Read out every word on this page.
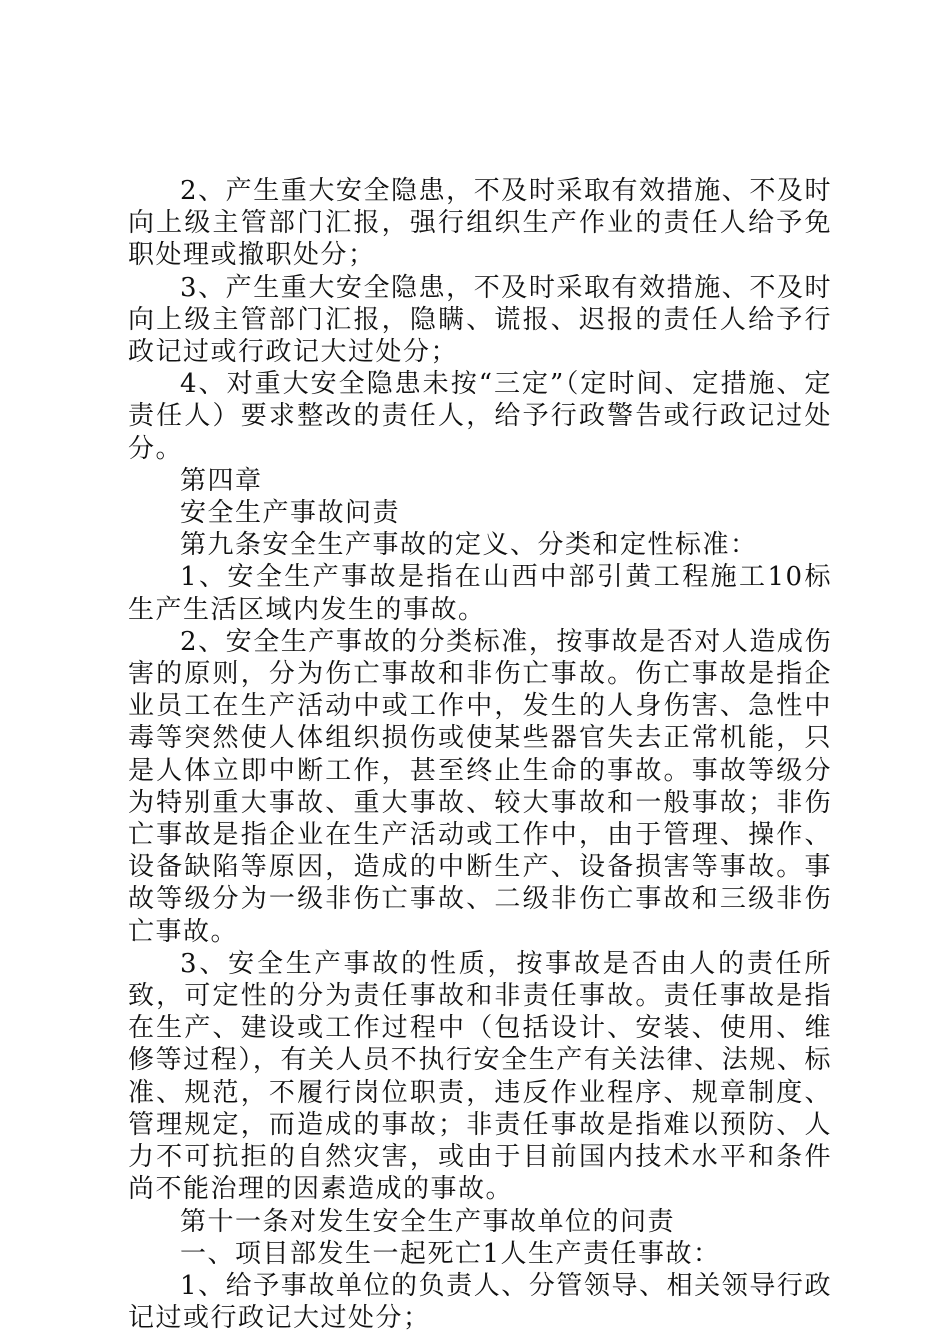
2、产生重大安全隐患，不及时采取有效措施、不及时向上级主管部门汇报，强行组织生产作业的责任人给予免职处理或撤职处分；

3、产生重大安全隐患，不及时采取有效措施、不及时向上级主管部门汇报，隐瞒、谎报、迟报的责任人给予行政记过或行政记大过处分；

4、对重大安全隐患未按“三定”（定时间、定措施、定责任人）要求整改的责任人，给予行政警告或行政记过处分。

第四章

安全生产事故问责

第九条安全生产事故的定义、分类和定性标准：

1、安全生产事故是指在山西中部引黄工程施工10标生产生活区域内发生的事故。

2、安全生产事故的分类标准，按事故是否对人造成伤害的原则，分为伤亡事故和非伤亡事故。伤亡事故是指企业员工在生产活动中或工作中，发生的人身伤害、急性中毒等突然使人体组织损伤或使某些器官失去正常机能，只是人体立即中断工作，甚至终止生命的事故。事故等级分为特别重大事故、重大事故、较大事故和一般事故；非伤亡事故是指企业在生产活动或工作中，由于管理、操作、设备缺陷等原因，造成的中断生产、设备损害等事故。事故等级分为一级非伤亡事故、二级非伤亡事故和三级非伤亡事故。

3、安全生产事故的性质，按事故是否由人的责任所致，可定性的分为责任事故和非责任事故。责任事故是指在生产、建设或工作过程中（包括设计、安装、使用、维修等过程），有关人员不执行安全生产有关法律、法规、标准、规范，不履行岗位职责，违反作业程序、规章制度、管理规定，而造成的事故；非责任事故是指难以预防、人力不可抗拒的自然灾害，或由于目前国内技术水平和条件尚不能治理的因素造成的事故。

第十一条对发生安全生产事故单位的问责

一、项目部发生一起死亡1人生产责任事故：

1、给予事故单位的负责人、分管领导、相关领导行政记过或行政记大过处分；
